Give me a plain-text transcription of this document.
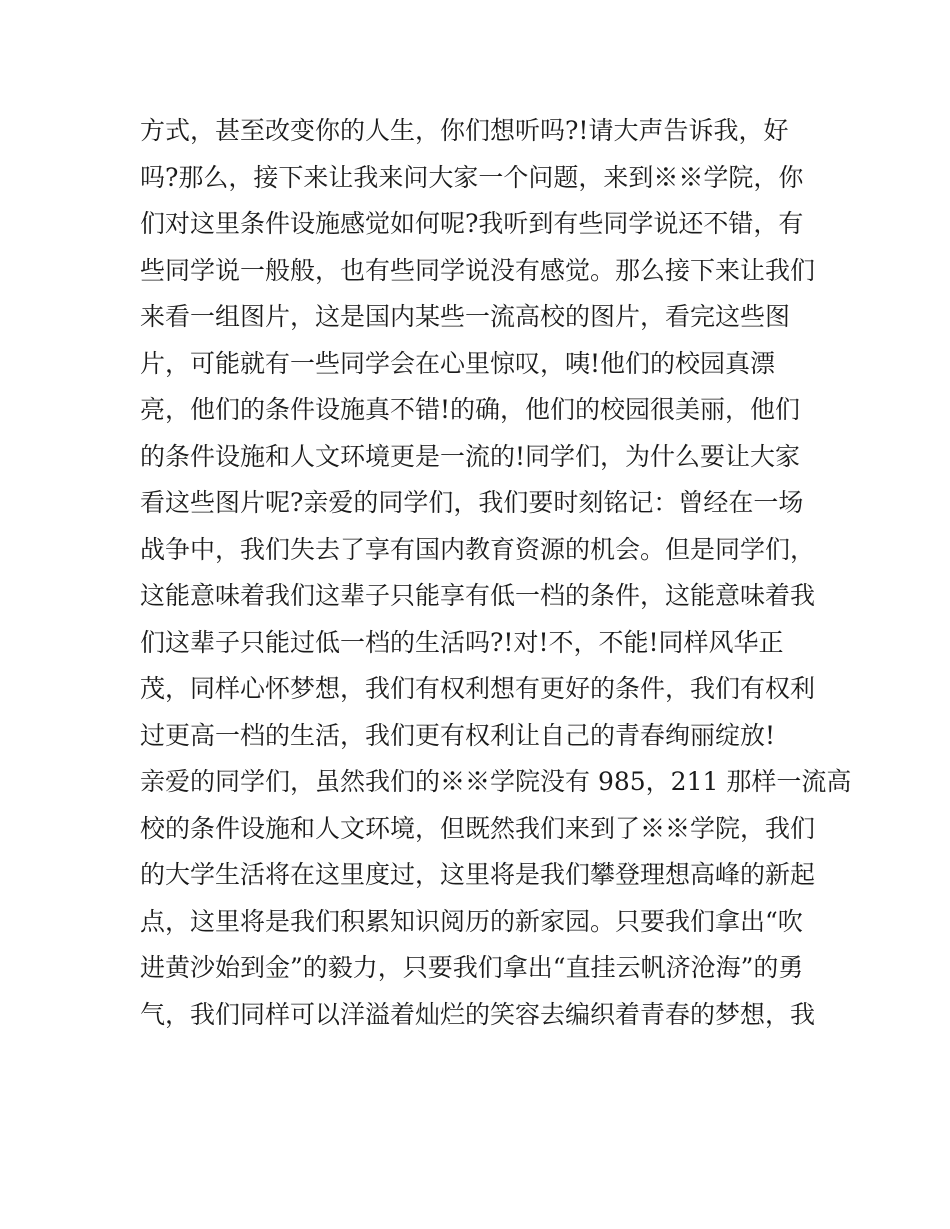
方式，甚至改变你的人生，你们想听吗?!请大声告诉我，好
吗?那么，接下来让我来问大家一个问题，来到※※学院，你
们对这里条件设施感觉如何呢?我听到有些同学说还不错，有
些同学说一般般，也有些同学说没有感觉。那么接下来让我们
来看一组图片，这是国内某些一流高校的图片，看完这些图
片，可能就有一些同学会在心里惊叹，咦!他们的校园真漂
亮，他们的条件设施真不错!的确，他们的校园很美丽，他们
的条件设施和人文环境更是一流的!同学们，为什么要让大家
看这些图片呢?亲爱的同学们，我们要时刻铭记：曾经在一场
战争中，我们失去了享有国内教育资源的机会。但是同学们，
这能意味着我们这辈子只能享有低一档的条件，这能意味着我
们这辈子只能过低一档的生活吗?!对!不，不能!同样风华正
茂，同样心怀梦想，我们有权利想有更好的条件，我们有权利
过更高一档的生活，我们更有权利让自己的青春绚丽绽放!
亲爱的同学们，虽然我们的※※学院没有 985，211 那样一流高
校的条件设施和人文环境，但既然我们来到了※※学院，我们
的大学生活将在这里度过，这里将是我们攀登理想高峰的新起
点，这里将是我们积累知识阅历的新家园。只要我们拿出“吹
进黄沙始到金”的毅力，只要我们拿出“直挂云帆济沧海”的勇
气，我们同样可以洋溢着灿烂的笑容去编织着青春的梦想，我
